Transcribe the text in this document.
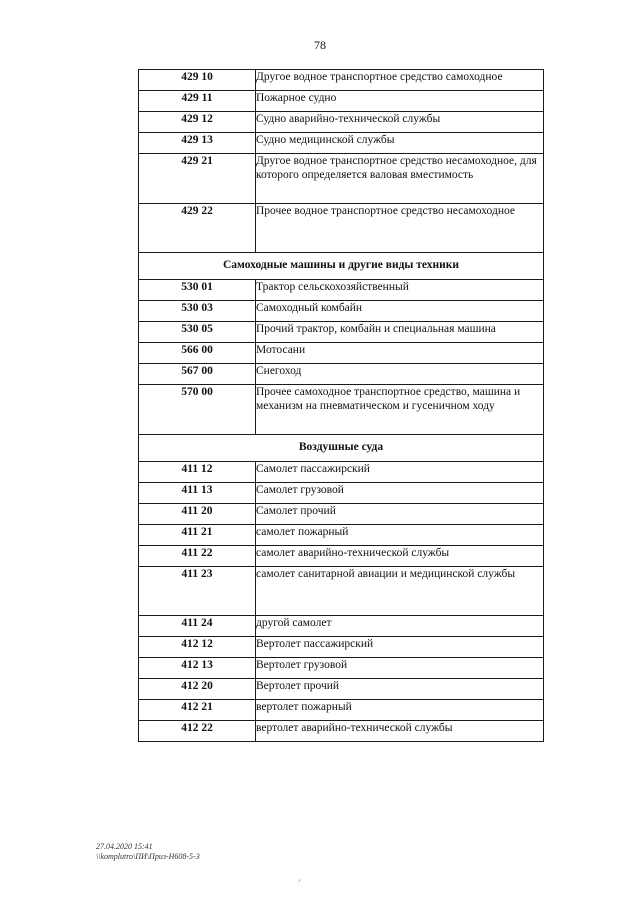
78
429 10	Другое водное транспортное средство самоходное
429 11	Пожарное судно
429 12	Судно аварийно-технической службы
429 13	Судно медицинской службы
429 21	Другое водное транспортное средство несамоходное, для которого определяется валовая вместимость
429 22	Прочее водное транспортное средство несамоходное
Самоходные машины и другие виды техники	
530 01	Трактор сельскохозяйственный
530 03	Самоходный комбайн
530 05	Прочий трактор, комбайн и специальная машина
566 00	Мотосани
567 00	Снегоход
570 00	Прочее самоходное транспортное средство, машина и механизм на пневматическом и гусеничном ходу
Воздушные суда	
411 12	Самолет пассажирский
411 13	Самолет грузовой
411 20	Самолет прочий
411 21	самолет пожарный
411 22	самолет аварийно-технической службы
411 23	самолет санитарной авиации и медицинской службы
411 24	другой самолет
412 12	Вертолет пассажирский
412 13	Вертолет грузовой
412 20	Вертолет прочий
412 21	вертолет пожарный
412 22	вертолет аварийно-технической службы
27.04.2020 15:41
\\komplutro\ПИ\Приз-Н608-5-3
ᐟ
